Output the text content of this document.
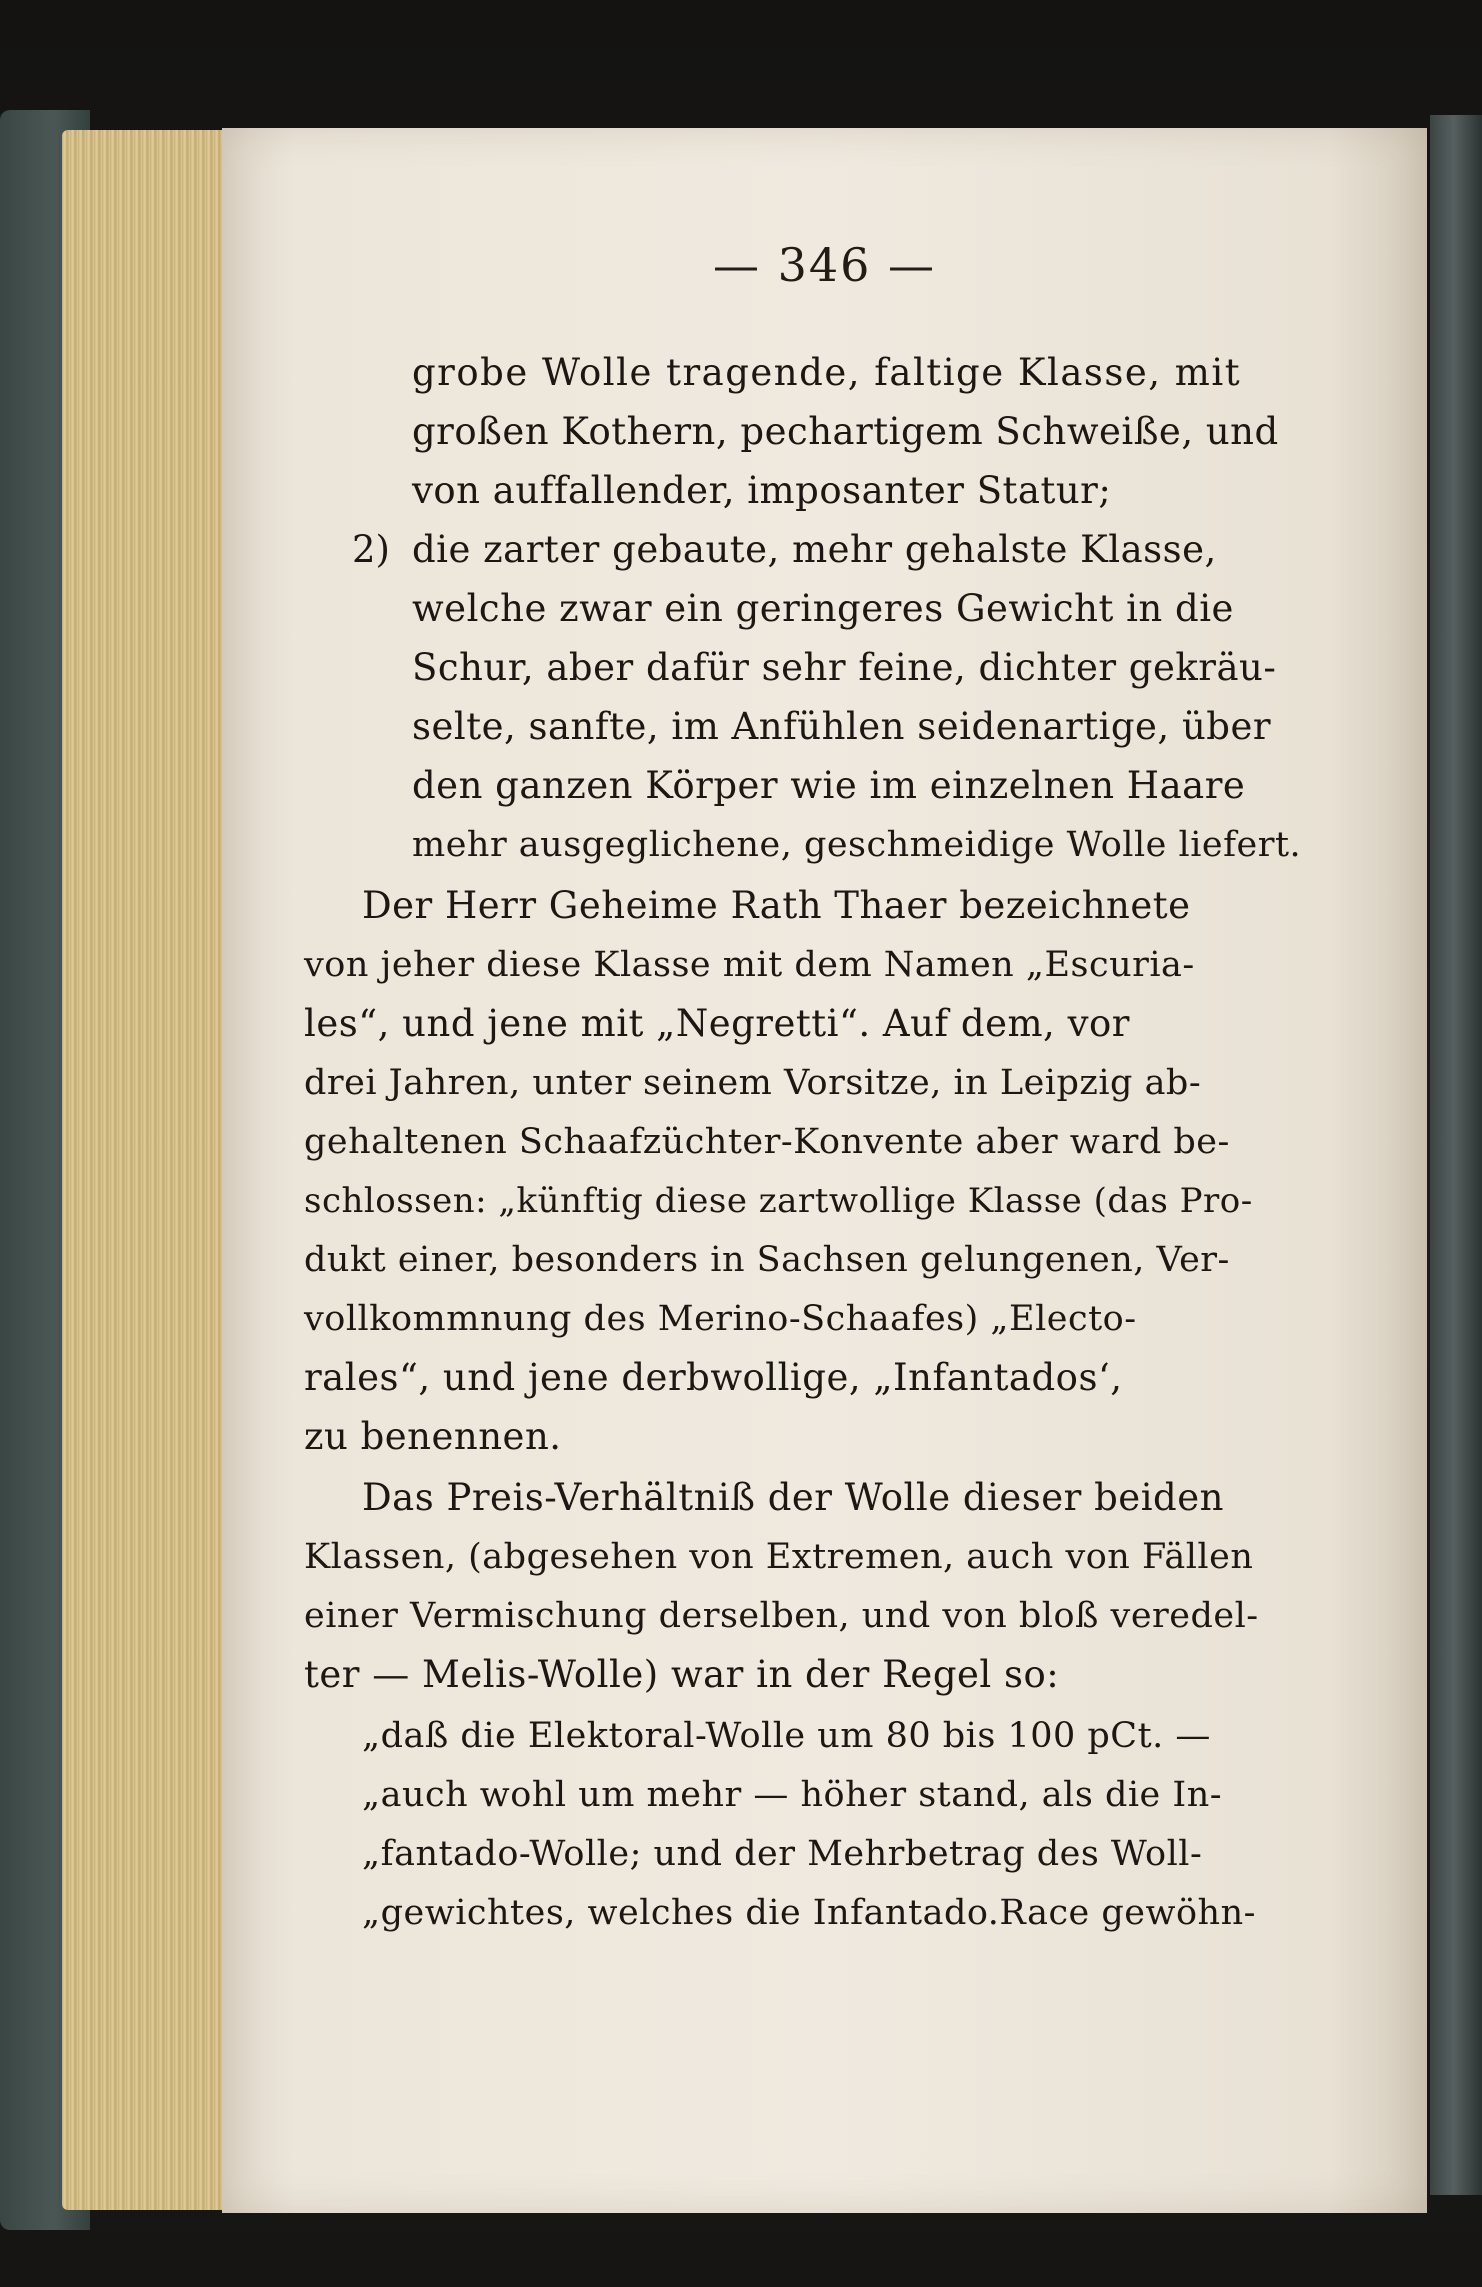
— 346 —
grobe Wolle tragende, faltige Klasse, mit
großen Kothern, pechartigem Schweiße, und
von auffallender, imposanter Statur;
2) die zarter gebaute, mehr gehalste Klasse,
welche zwar ein geringeres Gewicht in die
Schur, aber dafür sehr feine, dichter gekräu-
selte, sanfte, im Anfühlen seidenartige, über
den ganzen Körper wie im einzelnen Haare
mehr ausgeglichene, geschmeidige Wolle liefert.
Der Herr Geheime Rath Thaer bezeichnete
von jeher diese Klasse mit dem Namen „Escuria-
les“, und jene mit „Negretti“. Auf dem, vor
drei Jahren, unter seinem Vorsitze, in Leipzig ab-
gehaltenen Schaafzüchter-Konvente aber ward be-
schlossen: „künftig diese zartwollige Klasse (das Pro-
dukt einer, besonders in Sachsen gelungenen, Ver-
vollkommnung des Merino-Schaafes) „Electo-
rales“, und jene derbwollige, „Infantados‘,
zu benennen.
Das Preis-Verhältniß der Wolle dieser beiden
Klassen, (abgesehen von Extremen, auch von Fällen
einer Vermischung derselben, und von bloß veredel-
ter — Melis-Wolle) war in der Regel so:
„daß die Elektoral-Wolle um 80 bis 100 pCt. —
„auch wohl um mehr — höher stand, als die In-
„fantado-Wolle; und der Mehrbetrag des Woll-
„gewichtes, welches die Infantado.Race gewöhn-
